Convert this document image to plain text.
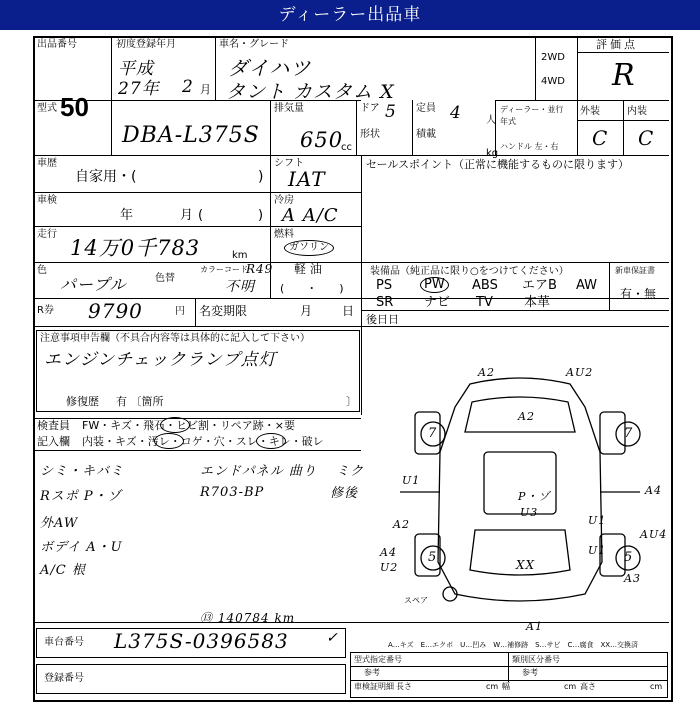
ディーラー出品車
出品番号
50
初度登録年月
平成
27年 2 月
車名・グレード
ダイハツ
タント カスタム X
2WD
4WD
評価点
R
型式
DBA-L375S
排気量
650
cc
ドア 5
形状
定員 4 人
積載
kg
ディーラー・並行
年式
ハンドル 左・右
外装	内装
C C
車歴
自家用・(	)
シフト
IAT
セールスポイント（正常に機能するものに限ります）
車検
年	月 (	)
冷房
A A/C
走行
14万0千783	km
燃料
ガソリン
軽 油
(　　・　　)
色
パープル	色替
カラーコード
R49
不明
装備品（純正品に限り○をつけてください）
PS	PW	ABS エアB AW
SR ナビ TV 本革
新車保証書
有・無
R券 9790	円 名変期限	月 日
後日日
注意事項申告欄（不具合内容等は具体的に記入して下さい）
エンジンチェックランプ点灯
修復歴 有 〔箇所	〕
検査員 FW・キズ・飛石・ヒビ割・リペア跡・×要
記入欄 内装・キズ・汚レ・コゲ・穴・スレ・キレ・破レ
シミ・キバミ
Rスポ P・ゾ
外AW
ボデイ A・U
A/C 根
エンドパネル 曲り
R703-BP
ミク
修後
⑬ 140784 km
7	7
5	5
A2	AU2
A2
P・ゾ
U3
U1
A4
U1
A2
AU4
U1
A4
U2	XX
A1
A3
スペア
車台番号 L375S-0396583	✓
登録番号
A…キズ　E…エクボ　U…凹み　W…補修跡　S…サビ　C…腐食　XX…交換済
型式指定番号	類別区分番号
参考	参考
車検証明細 長さ	cm 幅	cm 高さ	cm
